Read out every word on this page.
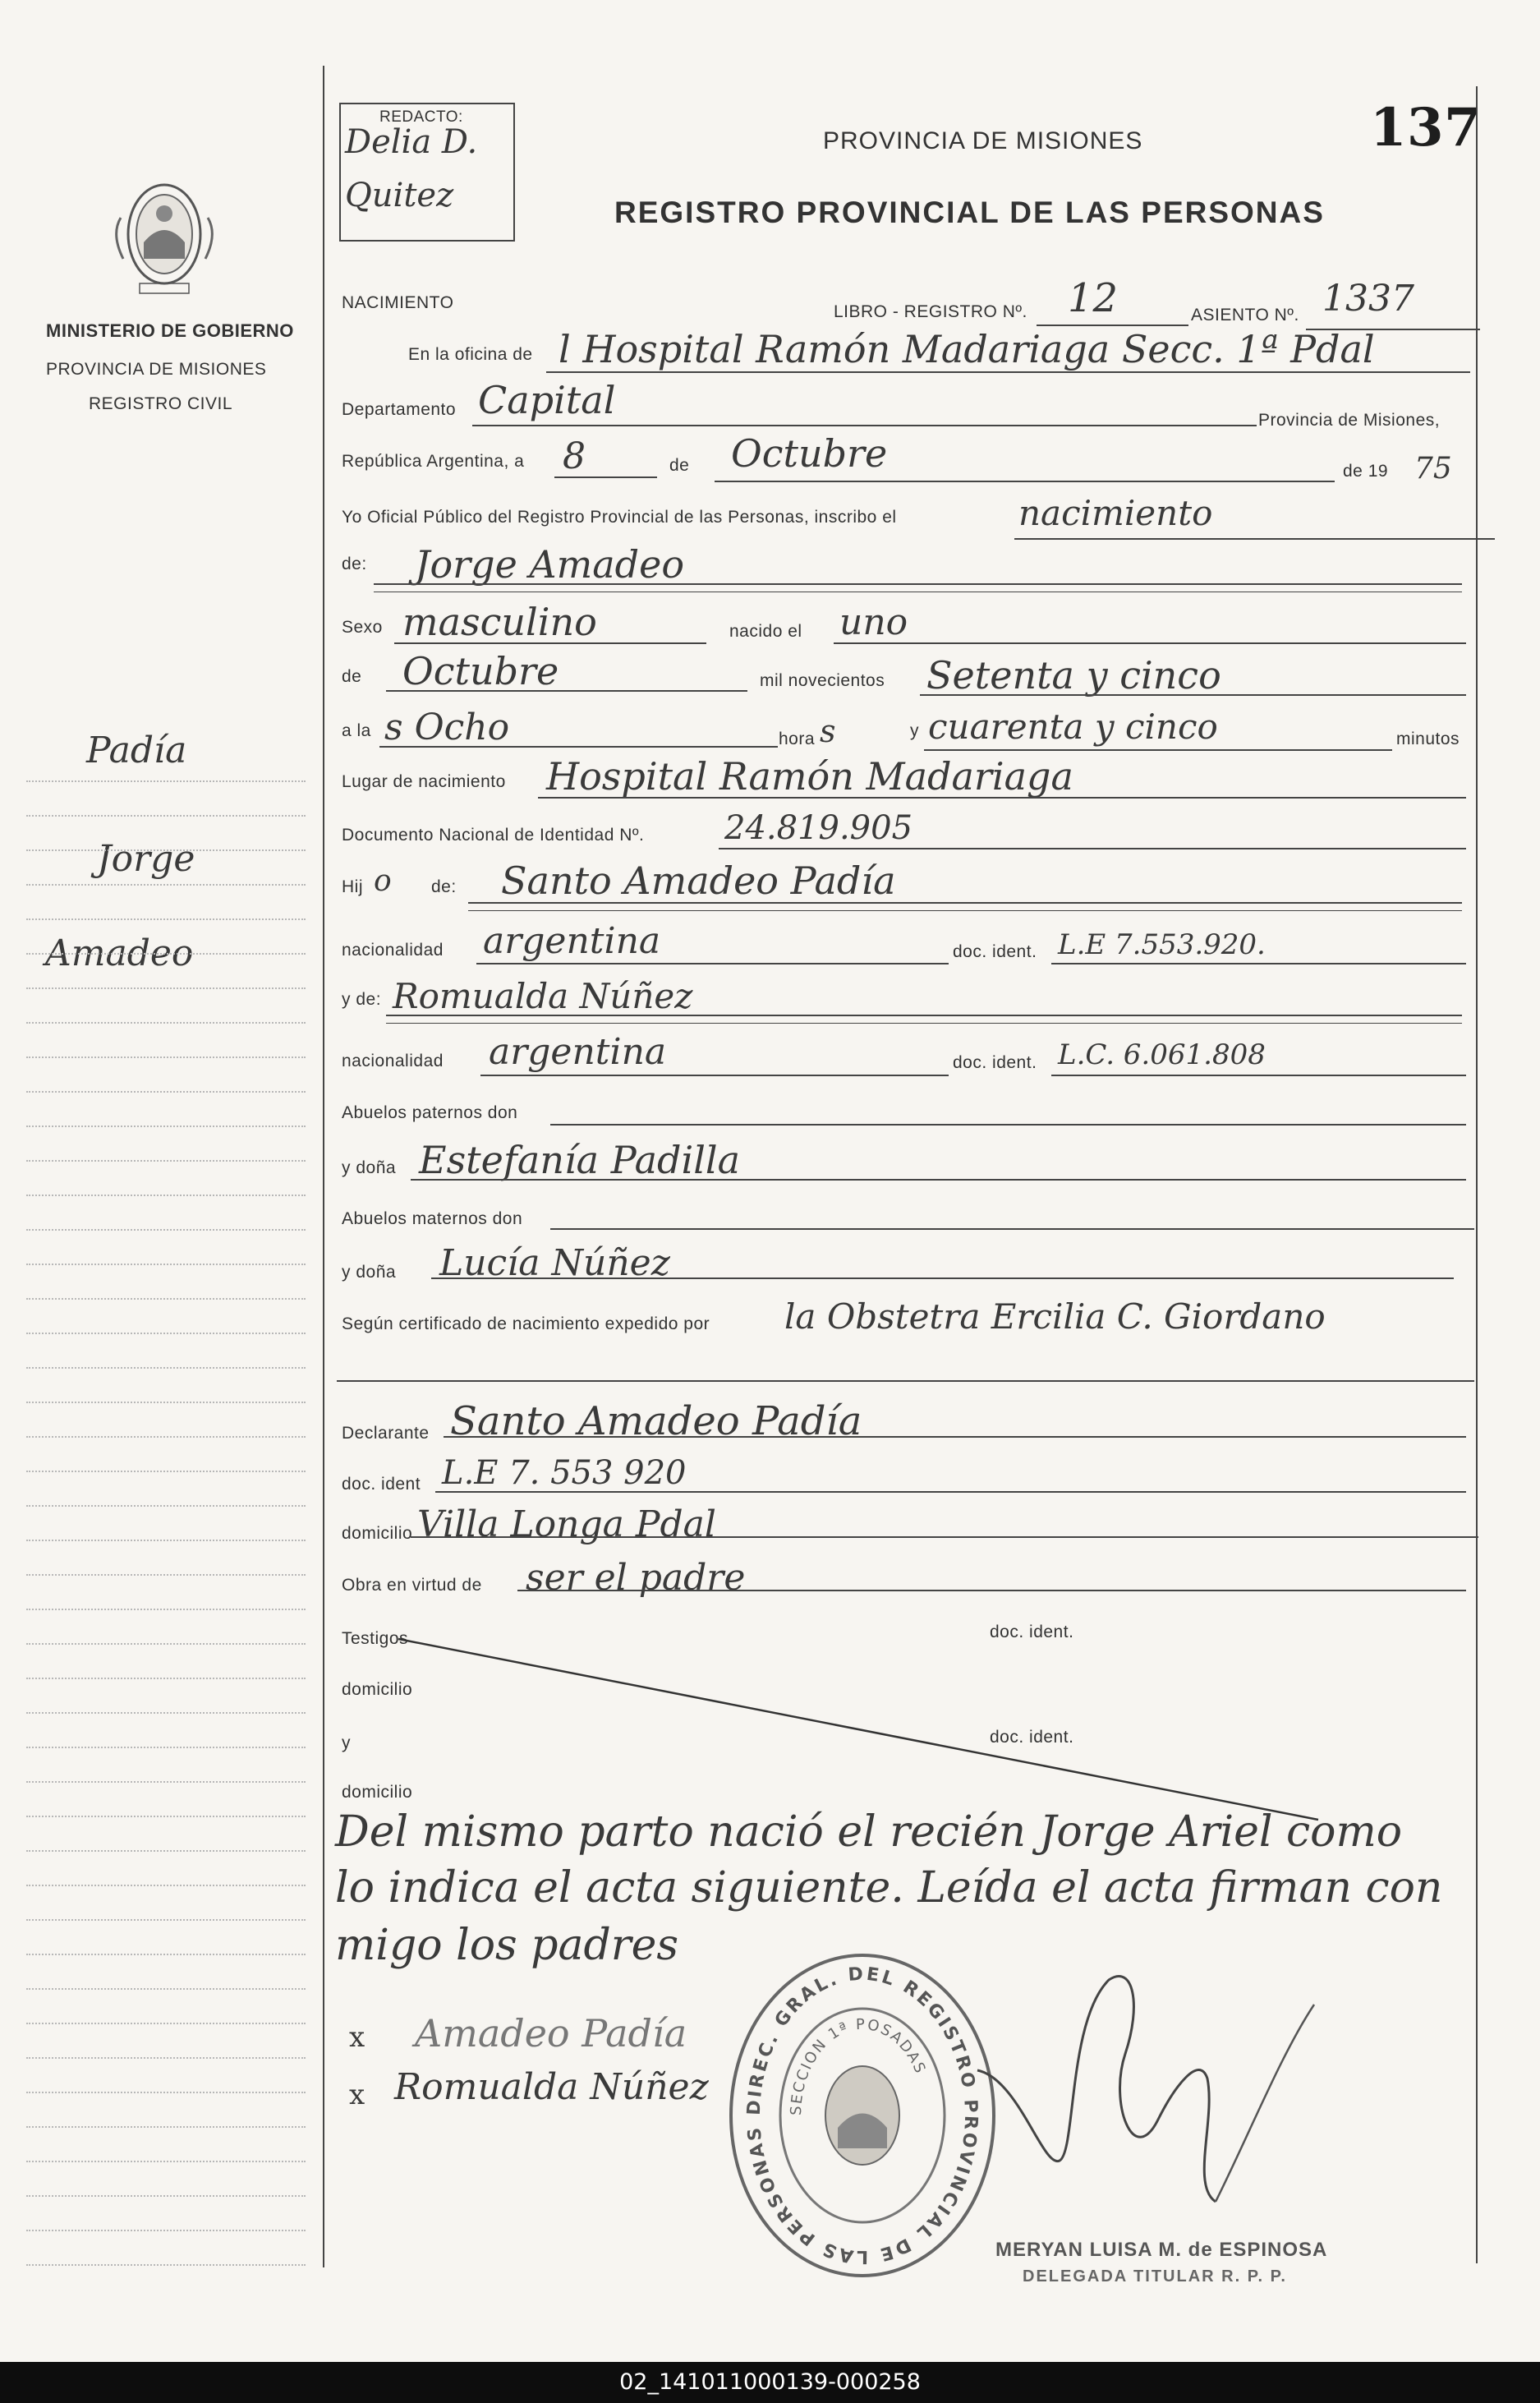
MINISTERIO DE GOBIERNO
PROVINCIA DE MISIONES
REGISTRO CIVIL
Padía
Jorge
Amadeo
REDACTO:
Delia D.
Quitez
PROVINCIA DE MISIONES
REGISTRO PROVINCIAL DE LAS PERSONAS
137
NACIMIENTO	LIBRO - REGISTRO Nº. 12	ASIENTO Nº. 1337
En la oficina de l Hospital Ramón Madariaga Secc. 1ª Pdal
Departamento Capital	Provincia de Misiones,
República Argentina, a 8	de Octubre	de 19 75
Yo Oficial Público del Registro Provincial de las Personas, inscribo el	nacimiento
de: Jorge Amadeo
Sexo masculino	nacido el uno
de Octubre	mil novecientos Setenta y cinco
a la s Ocho	hora s	y cuarenta y cinco	minutos
Lugar de nacimiento Hospital Ramón Madariaga
Documento Nacional de Identidad Nº. 24.819.905
Hij o de: Santo Amadeo Padía
nacionalidad argentina	doc. ident. L.E 7.553.920.
y de: Romualda Núñez
nacionalidad argentina	doc. ident. L.C. 6.061.808
Abuelos paternos don
y doña Estefanía Padilla
Abuelos maternos don
y doña Lucía Núñez
Según certificado de nacimiento expedido por la Obstetra Ercilia C. Giordano
Declarante Santo Amadeo Padía
doc. ident L.E 7. 553 920
domicilio Villa Longa Pdal
Obra en virtud de ser el padre
Testigos	doc. ident.
domicilio
y	doc. ident.
domicilio
Del mismo parto nació el recién Jorge Ariel como
lo indica el acta siguiente. Leída el acta firman con
migo los padres
DIREC. GRAL. DEL REGISTRO PROVINCIAL DE LAS PERSONAS
SECCION 1ª POSADAS
x Amadeo Padía
x Romualda Núñez
MERYAN LUISA M. de ESPINOSA
DELEGADA TITULAR R. P. P.
02_141011000139-000258
